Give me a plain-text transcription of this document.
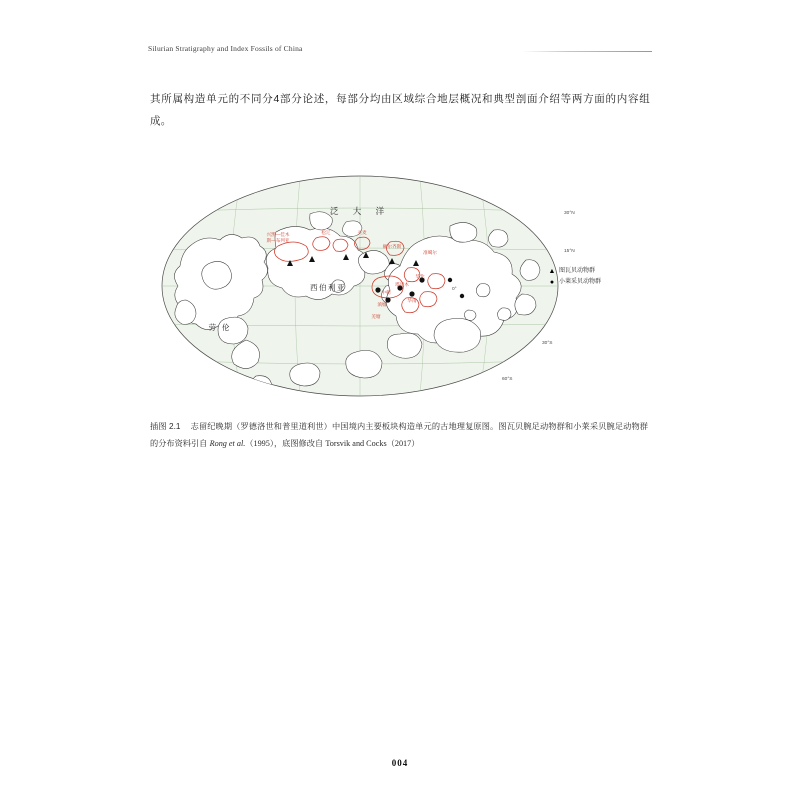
Silurian Stratigraphy and Index Fossils of China
其所属构造单元的不同分4部分论述，每部分均由区域综合地层概况和典型剖面介绍等两方面的内容组成。
泛 大 洋
西伯利亚
劳 伦
兴凯—佳木
斯—布列亚
松辽	买麦
额尔齐斯
准噶尔
塔里木
华北
华南
中朝
滇缅
羌塘
30°N
15°N
0°
30°S
60°S
▲ 图瓦贝动物群
● 小莱采贝动物群
插图 2.1 志留纪晚期（罗德洛世和普里道利世）中国境内主要板块构造单元的古地理复原图。图瓦贝腕足动物群和小莱采贝腕足动物群的分布资料引自 Rong et al.（1995），底图修改自 Torsvik and Cocks（2017）
004
